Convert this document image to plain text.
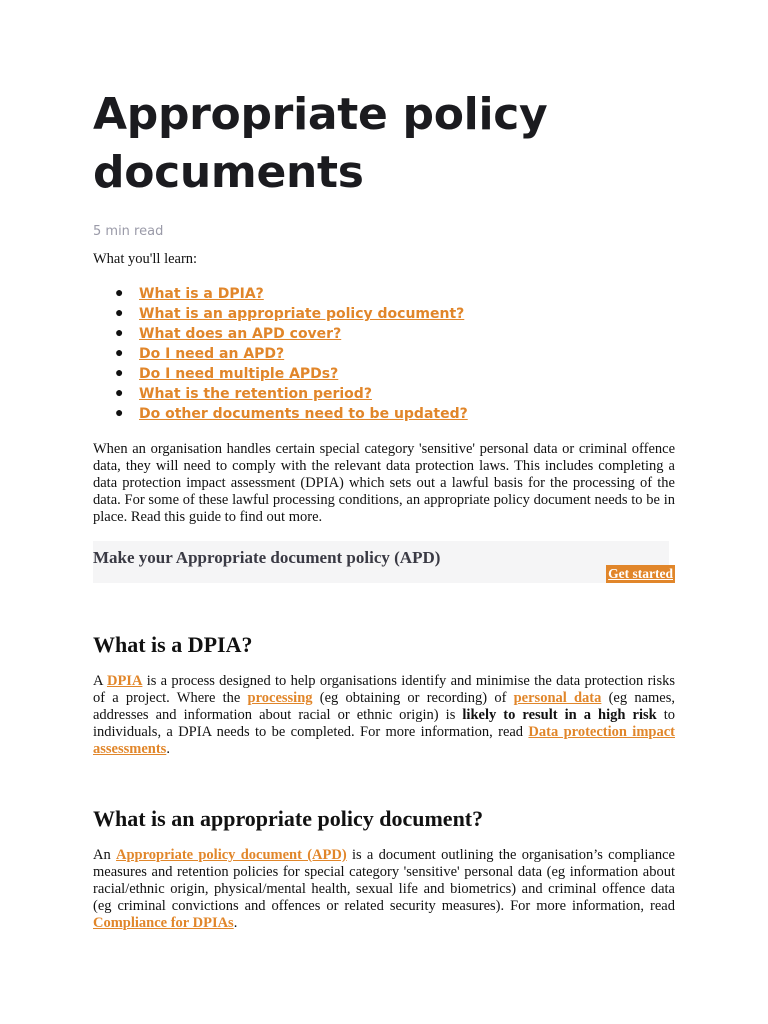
Appropriate policy documents

5 min read

What you'll learn:

● What is a DPIA?
● What is an appropriate policy document?
● What does an APD cover?
● Do I need an APD?
● Do I need multiple APDs?
● What is the retention period?
● Do other documents need to be updated?

When an organisation handles certain special category 'sensitive' personal data or criminal offence data, they will need to comply with the relevant data protection laws. This includes completing a data protection impact assessment (DPIA) which sets out a lawful basis for the processing of the data. For some of these lawful processing conditions, an appropriate policy document needs to be in place. Read this guide to find out more.

Make your Appropriate document policy (APD)

Get started
What is a DPIA?

A DPIA is a process designed to help organisations identify and minimise the data protection risks of a project. Where the processing (eg obtaining or recording) of personal data (eg names, addresses and information about racial or ethnic origin) is likely to result in a high risk to individuals, a DPIA needs to be completed. For more information, read Data protection impact assessments.

What is an appropriate policy document?

An Appropriate policy document (APD) is a document outlining the organisation’s compliance measures and retention policies for special category 'sensitive' personal data (eg information about racial/ethnic origin, physical/mental health, sexual life and biometrics) and criminal offence data (eg criminal convictions and offences or related security measures). For more information, read Compliance for DPIAs.
